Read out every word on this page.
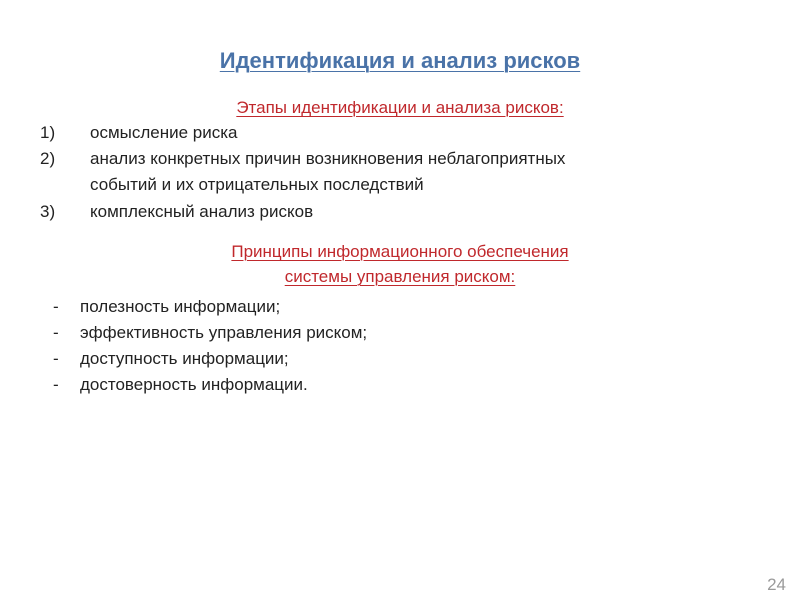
Идентификация и анализ рисков
Этапы идентификации и анализа рисков:
1)	осмысление риска
2)	анализ конкретных причин возникновения неблагоприятных
событий и их отрицательных последствий
3)	комплексный анализ рисков
Принципы информационного обеспечения
системы управления риском:
- полезность информации;
- эффективность управления риском;
- доступность информации;
- достоверность информации.
24
